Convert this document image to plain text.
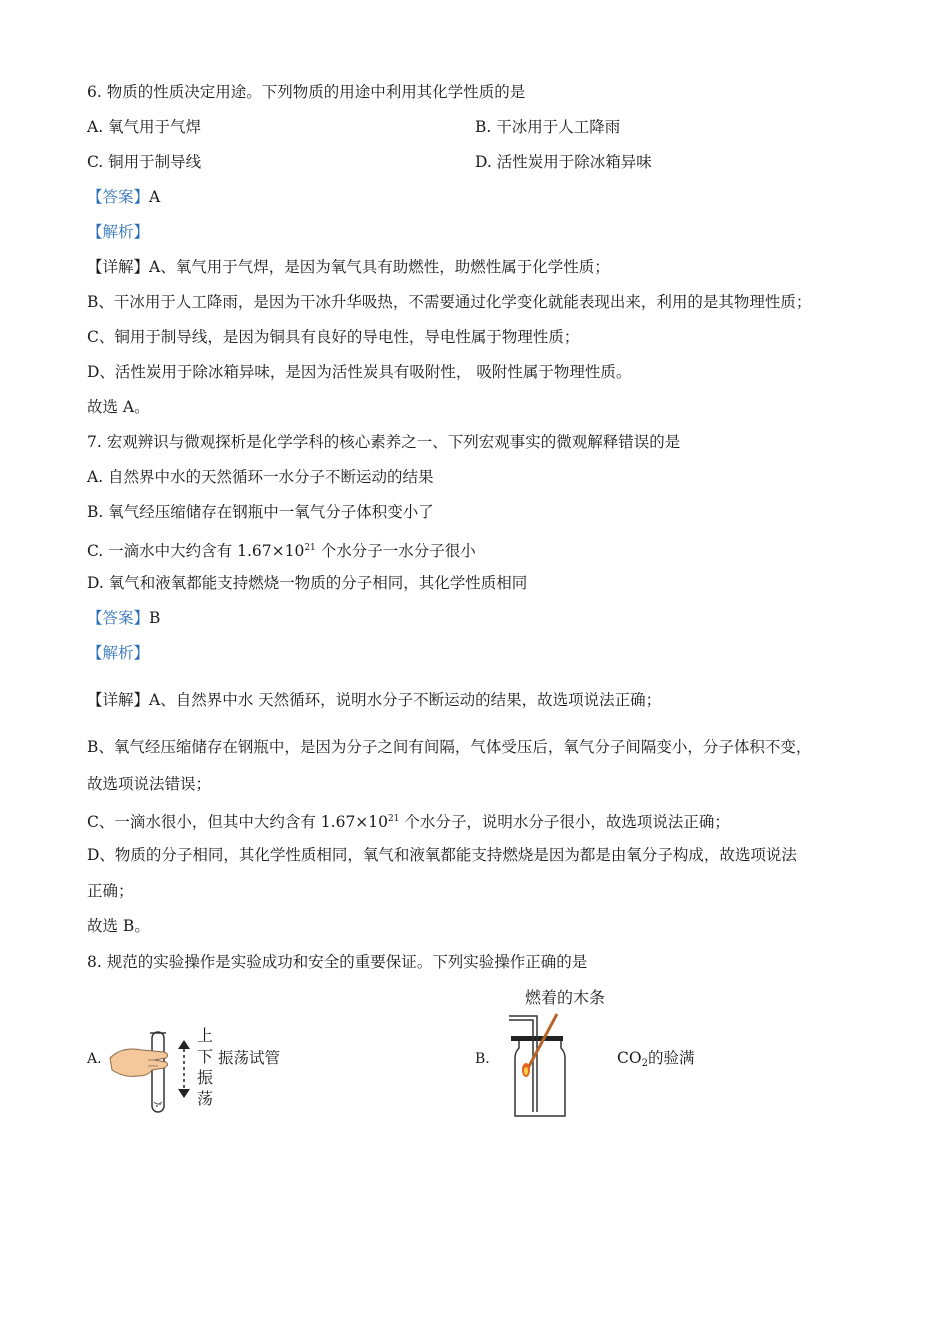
6. 物质的性质决定用途。下列物质的用途中利用其化学性质的是
A. 氧气用于气焊	B. 干冰用于人工降雨
C. 铜用于制导线	D. 活性炭用于除冰箱异味
【答案】A
【解析】
【详解】A、氧气用于气焊，是因为氧气具有助燃性，助燃性属于化学性质；
B、干冰用于人工降雨，是因为干冰升华吸热，不需要通过化学变化就能表现出来，利用的是其物理性质；
C、铜用于制导线，是因为铜具有良好的导电性，导电性属于物理性质；
D、活性炭用于除冰箱异味，是因为活性炭具有吸附性， 吸附性属于物理性质。
故选 A。
7. 宏观辨识与微观探析是化学学科的核心素养之一、下列宏观事实的微观解释错误的是
A. 自然界中水的天然循环一水分子不断运动的结果
B. 氧气经压缩储存在钢瓶中一氧气分子体积变小了
C. 一滴水中大约含有 $1.67\times 10^{21}$ 个水分子一水分子很小
D. 氧气和液氧都能支持燃烧一物质的分子相同，其化学性质相同
【答案】B
【解析】
【详解】A、自然界中水 天然循环，说明水分子不断运动的结果，故选项说法正确；
B、氧气经压缩储存在钢瓶中，是因为分子之间有间隔，气体受压后，氧气分子间隔变小，分子体积不变，
故选项说法错误；
C、一滴水很小，但其中大约含有 $1.67\times 10^{21}$ 个水分子，说明水分子很小，故选项说法正确；
D、物质的分子相同，其化学性质相同，氧气和液氧都能支持燃烧是因为都是由氧分子构成，故选项说法
正确；
故选 B。
8. 规范的实验操作是实验成功和安全的重要保证。下列实验操作正确的是
A.
上
下
振
荡
振荡试管	B.
燃着的木条
$CO_2$的验满
